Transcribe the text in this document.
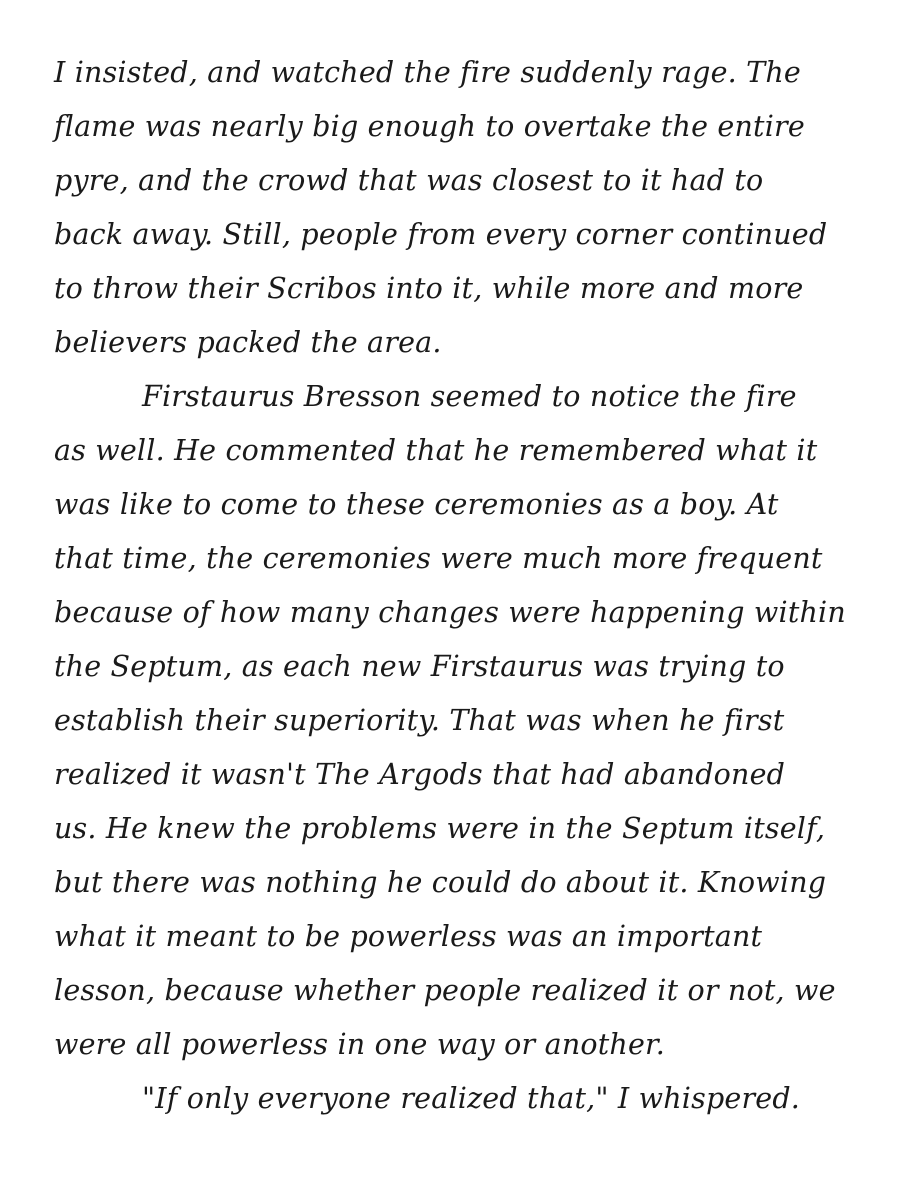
I insisted, and watched the fire suddenly rage. The
flame was nearly big enough to overtake the entire
pyre, and the crowd that was closest to it had to
back away. Still, people from every corner continued
to throw their Scribos into it, while more and more
believers packed the area.
Firstaurus Bresson seemed to notice the fire
as well. He commented that he remembered what it
was like to come to these ceremonies as a boy. At
that time, the ceremonies were much more frequent
because of how many changes were happening within
the Septum, as each new Firstaurus was trying to
establish their superiority. That was when he first
realized it wasn't The Argods that had abandoned
us. He knew the problems were in the Septum itself,
but there was nothing he could do about it. Knowing
what it meant to be powerless was an important
lesson, because whether people realized it or not, we
were all powerless in one way or another.
"If only everyone realized that," I whispered.
